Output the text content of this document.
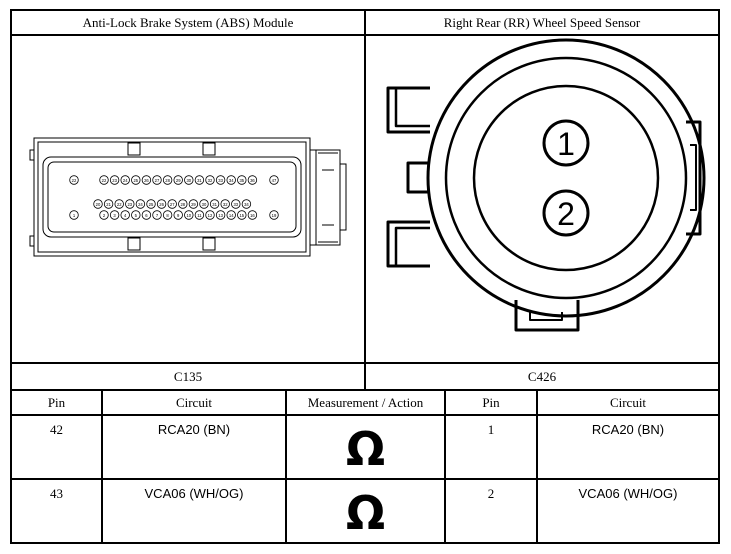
Anti-Lock Brake System (ABS) Module	Right Rear (RR) Wheel Speed Sensor
C135	C426
Pin	Circuit	Measurement / Action	Pin	Circuit
42	RCA20 (BN)	Ω	1	RCA20 (BN)
43	VCA06 (WH/OG)	Ω	2	VCA06 (WH/OG)
22	47
1	19
22 23 24 25 26 27 28 29 30 31 32 33 34 35 36
20 21 22 23 24 25 26 27 28 29 30 31 32 33 34
2 3 4 5 6 7 8 9 10 11 12 13 14 15 16
1
2
